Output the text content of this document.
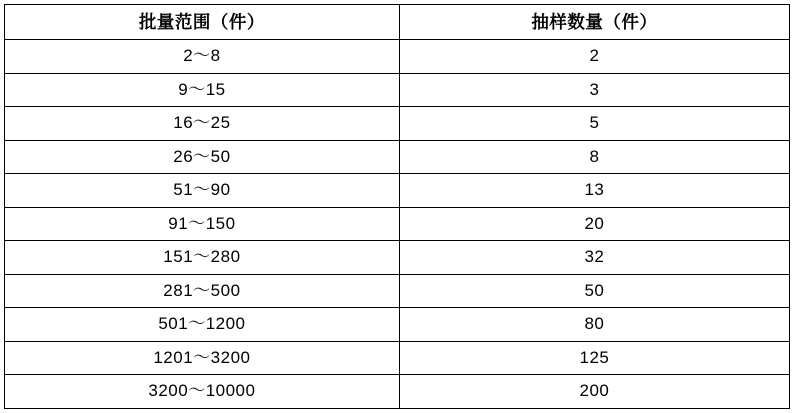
批量范围（件）	抽样数量（件）
2～8	2
9～15	3
16～25	5
26～50	8
51～90	13
91～150	20
151～280	32
281～500	50
501～1200	80
1201～3200	125
3200～10000	200
